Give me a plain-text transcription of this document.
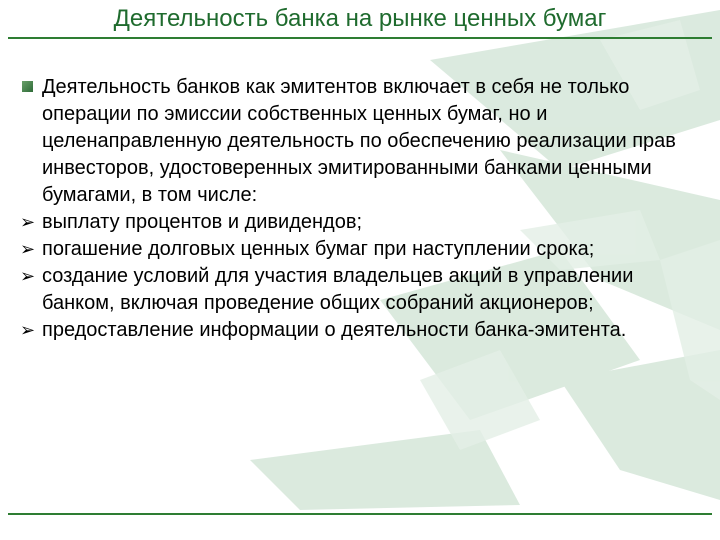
Деятельность банка на рынке ценных бумаг

Деятельность банков как эмитентов включает в себя не только операции по эмиссии собственных ценных бумаг, но и целенаправленную деятельность по обеспечению реализации прав инвесторов, удостоверенных эмитированными банками ценными бумагами, в том числе:

➢ выплату процентов и дивидендов;
➢ погашение долговых ценных бумаг при наступлении срока;
➢ создание условий для участия владельцев акций в управлении банком, включая проведение общих собраний акционеров;
➢ предоставление информации о деятельности банка-эмитента.
